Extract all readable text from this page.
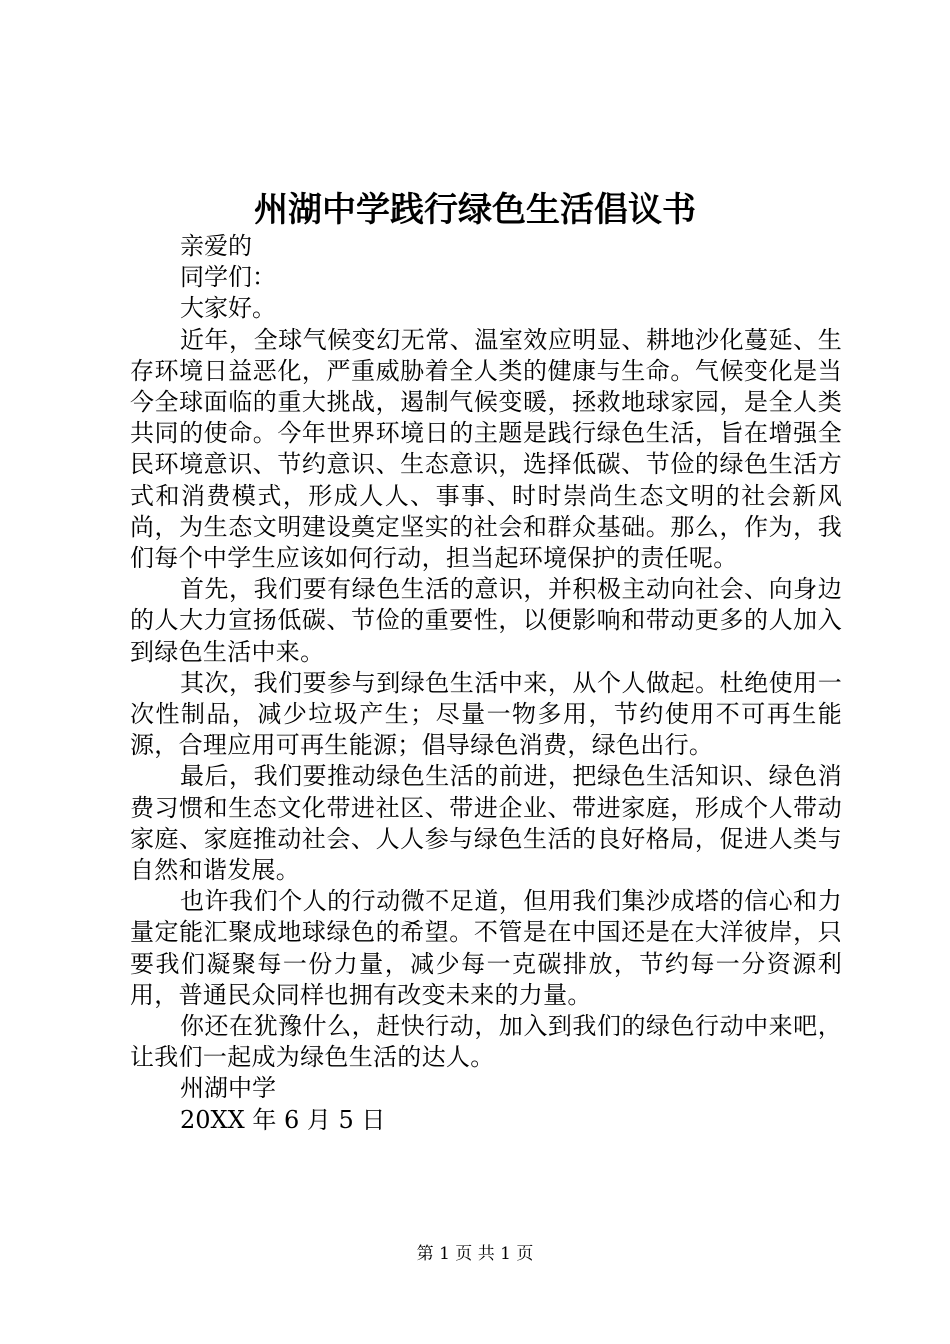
州湖中学践行绿色生活倡议书

亲爱的

同学们：

大家好。

近年，全球气候变幻无常、温室效应明显、耕地沙化蔓延、生存环境日益恶化，严重威胁着全人类的健康与生命。气候变化是当今全球面临的重大挑战，遏制气候变暖，拯救地球家园，是全人类共同的使命。今年世界环境日的主题是践行绿色生活，旨在增强全民环境意识、节约意识、生态意识，选择低碳、节俭的绿色生活方式和消费模式，形成人人、事事、时时崇尚生态文明的社会新风尚，为生态文明建设奠定坚实的社会和群众基础。那么，作为，我们每个中学生应该如何行动，担当起环境保护的责任呢。

首先，我们要有绿色生活的意识，并积极主动向社会、向身边的人大力宣扬低碳、节俭的重要性，以便影响和带动更多的人加入到绿色生活中来。

其次，我们要参与到绿色生活中来，从个人做起。杜绝使用一次性制品，减少垃圾产生；尽量一物多用，节约使用不可再生能源，合理应用可再生能源；倡导绿色消费，绿色出行。

最后，我们要推动绿色生活的前进，把绿色生活知识、绿色消费习惯和生态文化带进社区、带进企业、带进家庭，形成个人带动家庭、家庭推动社会、人人参与绿色生活的良好格局，促进人类与自然和谐发展。

也许我们个人的行动微不足道，但用我们集沙成塔的信心和力量定能汇聚成地球绿色的希望。不管是在中国还是在大洋彼岸，只要我们凝聚每一份力量，减少每一克碳排放，节约每一分资源利用，普通民众同样也拥有改变未来的力量。

你还在犹豫什么，赶快行动，加入到我们的绿色行动中来吧，让我们一起成为绿色生活的达人。

州湖中学

20XX 年 6 月 5 日

第 1 页 共 1 页
